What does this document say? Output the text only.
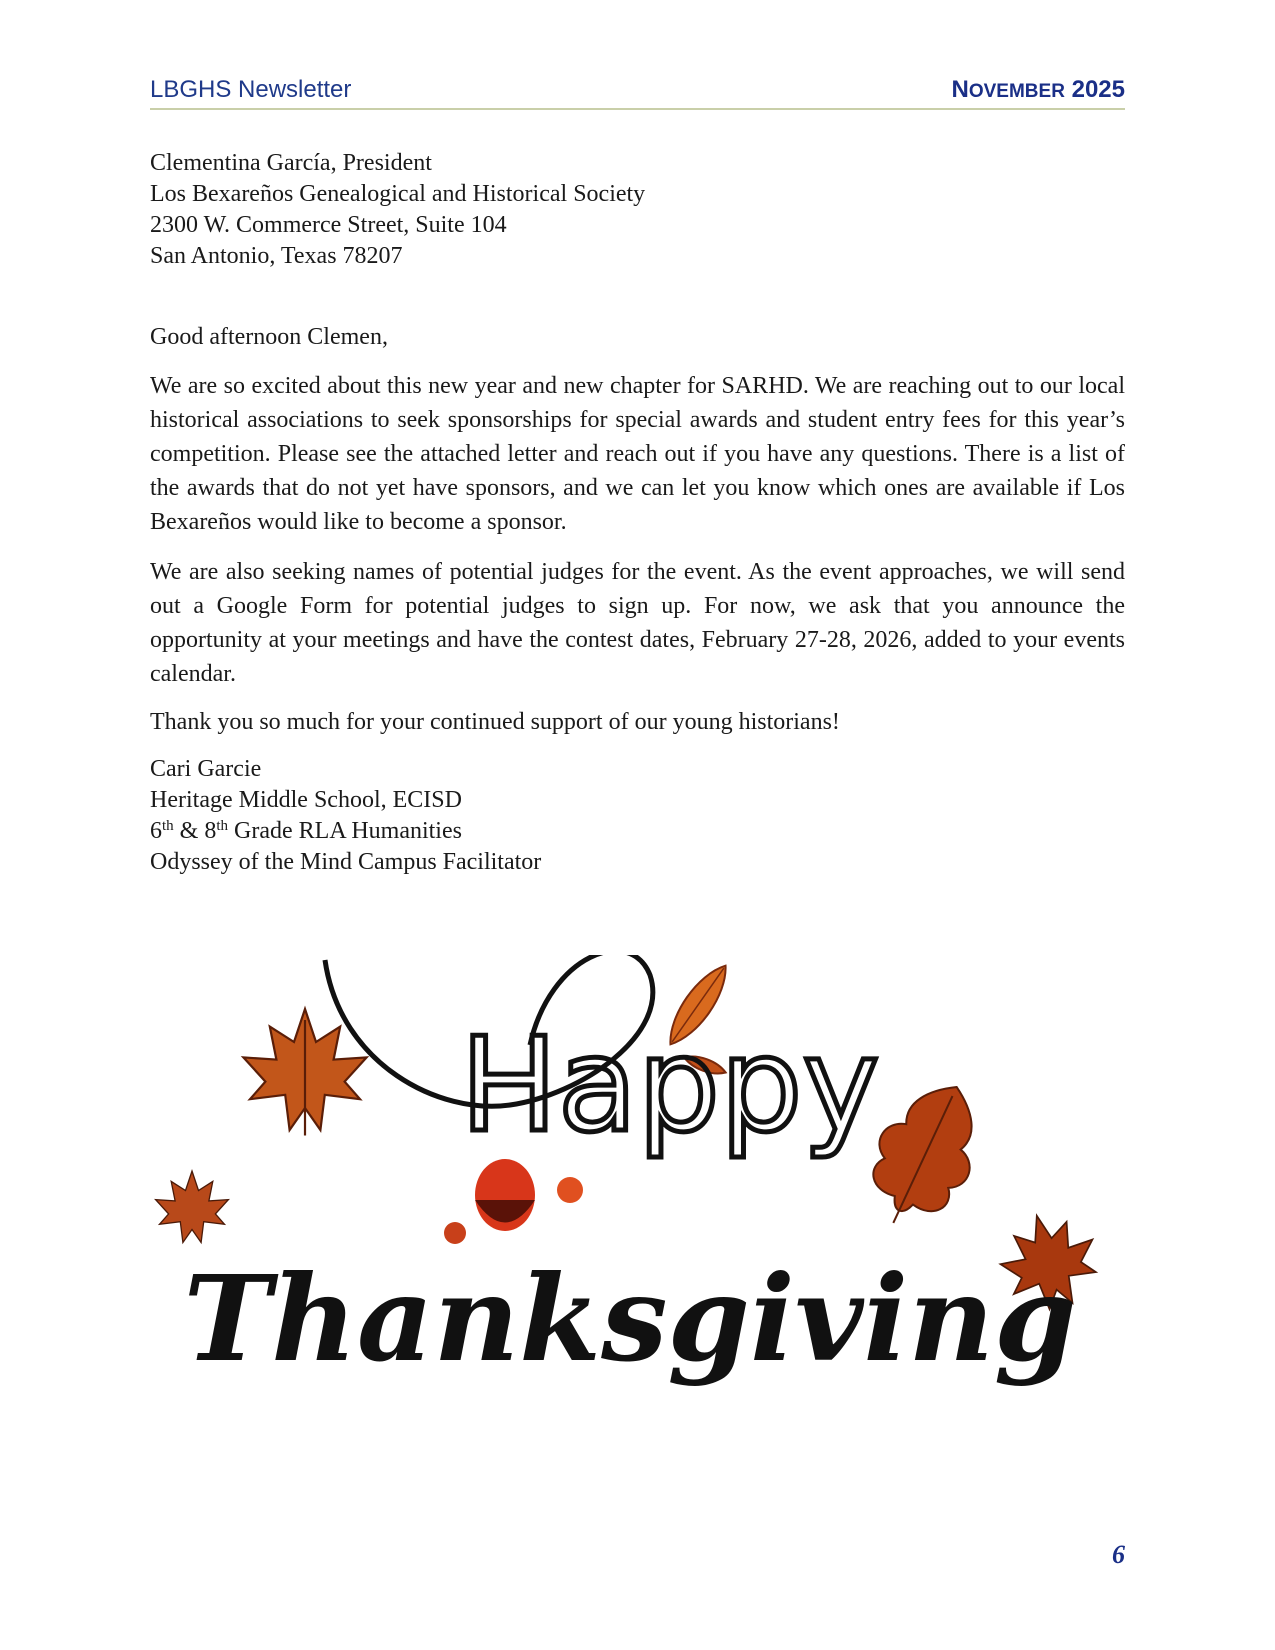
LBGHS Newsletter	NOVEMBER 2025
Clementina García, President
Los Bexareños Genealogical and Historical Society
2300 W. Commerce Street, Suite 104
San Antonio, Texas 78207
Good afternoon Clemen,
We are so excited about this new year and new chapter for SARHD. We are reaching out to our local historical associations to seek sponsorships for special awards and student entry fees for this year’s competition. Please see the attached letter and reach out if you have any questions. There is a list of the awards that do not yet have sponsors, and we can let you know which ones are available if Los Bexareños would like to become a sponsor.
We are also seeking names of potential judges for the event. As the event approaches, we will send out a Google Form for potential judges to sign up. For now, we ask that you announce the opportunity at your meetings and have the contest dates, February 27-28, 2026, added to your events calendar.
Thank you so much for your continued support of our young historians!
Cari Garcie
Heritage Middle School, ECISD
6th & 8th Grade RLA Humanities
Odyssey of the Mind Campus Facilitator
Happy
Thanksgiving
6
